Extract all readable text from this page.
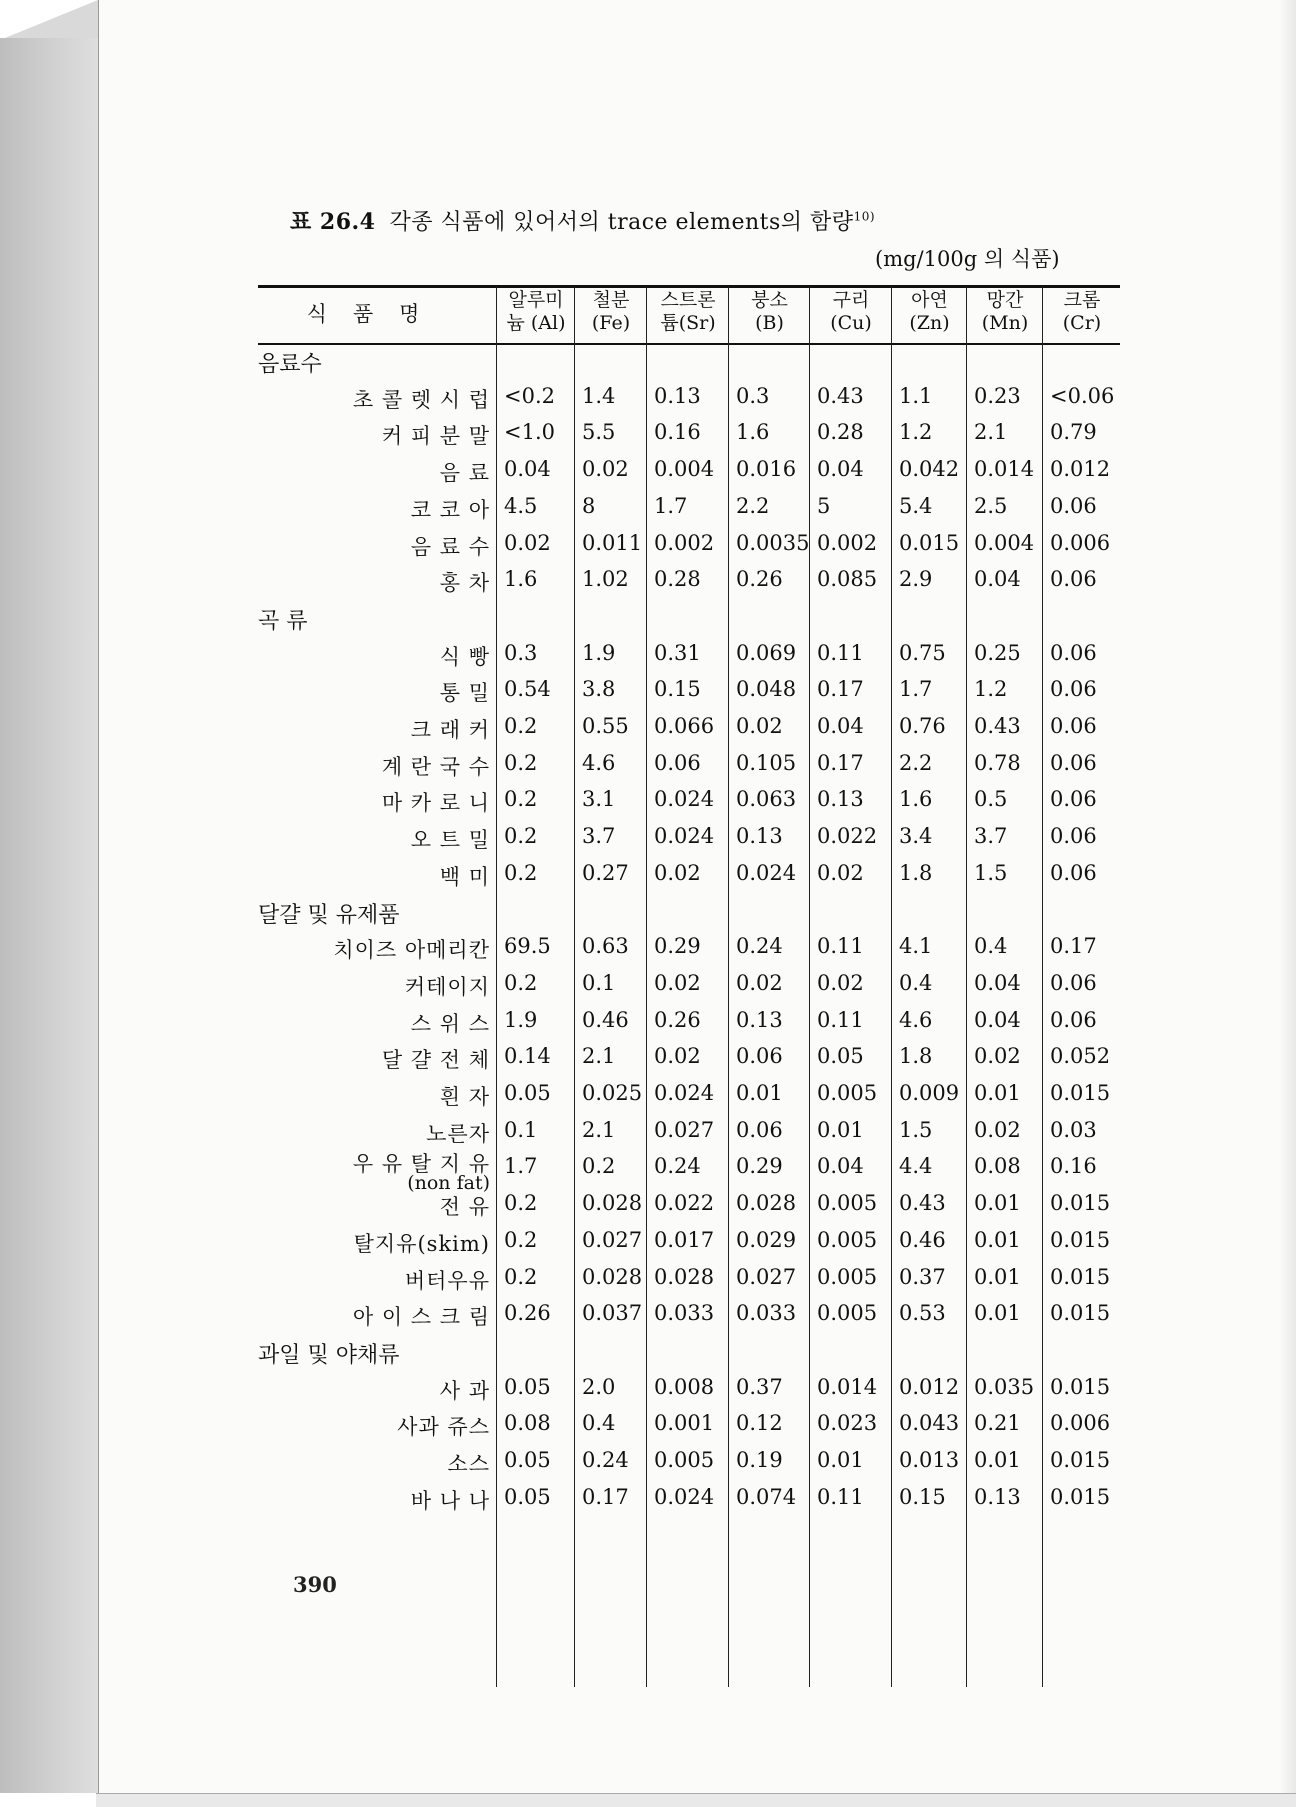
표 26.4 각종 식품에 있어서의 trace elements의 함량$^{10)}$
(mg/100g 의 식품)
식품명
알루미
늄 (Al)
철분
(Fe)
스트론
튬(Sr)
붕소
(B)
구리
(Cu)
아연
(Zn)
망간
(Mn)
크롬
(Cr)
음료수
초 콜 렛 시 럽 <0.2 1.4 0.13 0.3 0.43 1.1 0.23 <0.06
커 피 분 말 <1.0 5.5 0.16 1.6 0.28 1.2 2.1 0.79
음 료 0.04 0.02 0.004 0.016 0.04 0.042 0.014 0.012
코 코 아 4.5 8	1.7 2.2 5	5.4 2.5 0.06
음 료 수 0.02 0.011 0.002 0.0035 0.002 0.015 0.004 0.006
홍 차 1.6 1.02 0.28 0.26 0.085 2.9 0.04 0.06
곡 류
식 빵 0.3 1.9 0.31 0.069 0.11 0.75 0.25 0.06
통 밀 0.54 3.8 0.15 0.048 0.17 1.7 1.2 0.06
크 래 커 0.2 0.55 0.066 0.02 0.04 0.76 0.43 0.06
계 란 국 수 0.2 4.6 0.06 0.105 0.17 2.2 0.78 0.06
마 카 로 니 0.2 3.1 0.024 0.063 0.13 1.6 0.5 0.06
오 트 밀 0.2 3.7 0.024 0.13 0.022 3.4 3.7 0.06
백 미 0.2 0.27 0.02 0.024 0.02 1.8 1.5 0.06
달걀 및 유제품
치이즈 아메리칸 69.5 0.63 0.29 0.24 0.11 4.1 0.4 0.17
커테이지 0.2 0.1 0.02 0.02 0.02 0.4 0.04 0.06
스 위 스 1.9 0.46 0.26 0.13 0.11 4.6 0.04 0.06
달 걀 전 체 0.14 2.1 0.02 0.06 0.05 1.8 0.02 0.052
흰 자 0.05 0.025 0.024 0.01 0.005 0.009 0.01 0.015
노른자 0.1 2.1 0.027 0.06 0.01 1.5 0.02 0.03
우 유 탈 지 유
(non fat)
1.7 0.2 0.24 0.29 0.04 4.4 0.08 0.16
전 유 0.2 0.028 0.022 0.028 0.005 0.43 0.01 0.015
탈지유(skim) 0.2 0.027 0.017 0.029 0.005 0.46 0.01 0.015
버터우유 0.2 0.028 0.028 0.027 0.005 0.37 0.01 0.015
아 이 스 크 림 0.26 0.037 0.033 0.033 0.005 0.53 0.01 0.015
과일 및 야채류
사 과 0.05 2.0 0.008 0.37 0.014 0.012 0.035 0.015
사과 쥬스 0.08 0.4 0.001 0.12 0.023 0.043 0.21 0.006
소스 0.05 0.24 0.005 0.19 0.01 0.013 0.01 0.015
바 나 나 0.05 0.17 0.024 0.074 0.11 0.15 0.13 0.015
390
